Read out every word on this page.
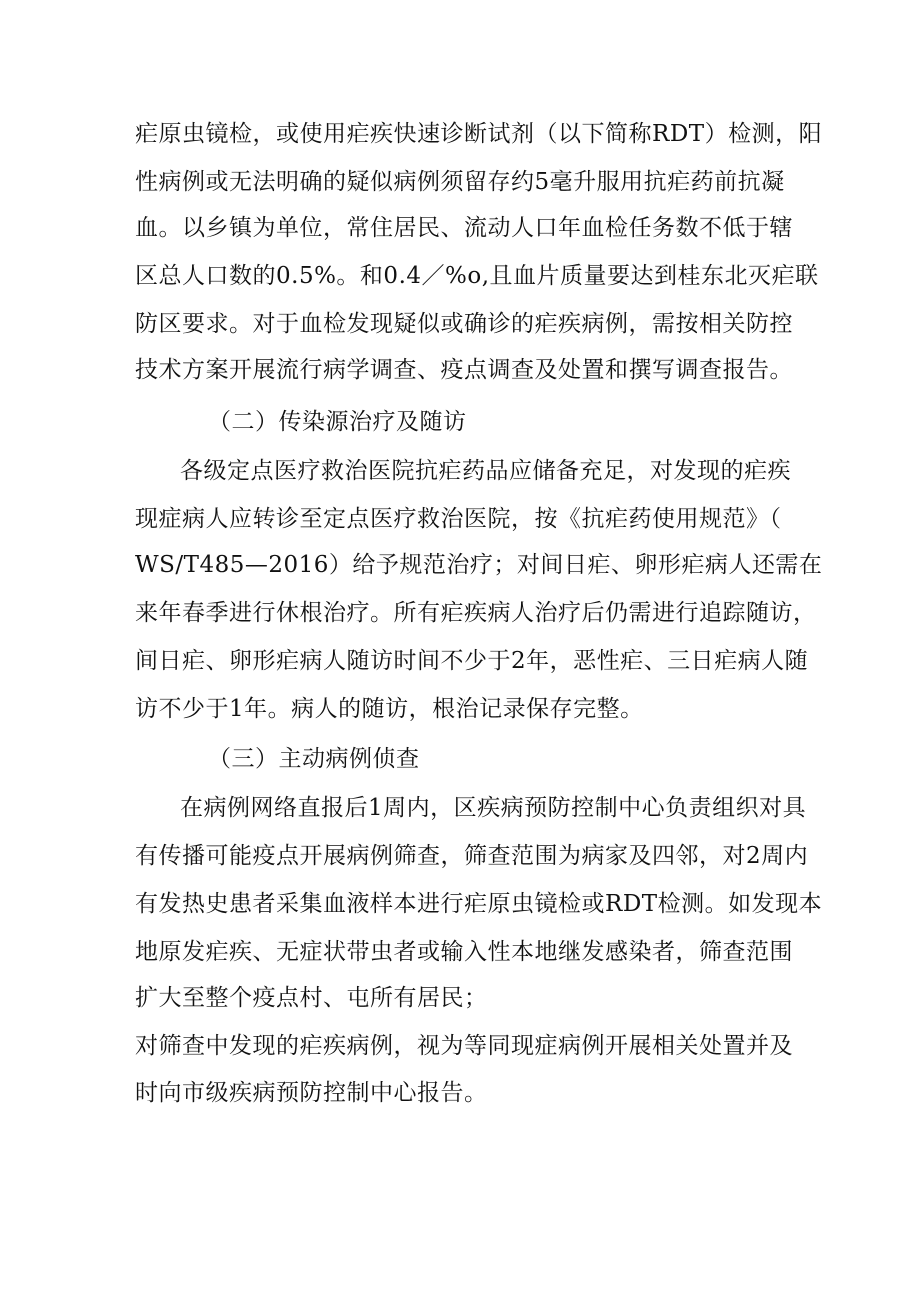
疟原虫镜检，或使用疟疾快速诊断试剂（以下简称RDT）检测，阳
性病例或无法明确的疑似病例须留存约5毫升服用抗疟药前抗凝
血。以乡镇为单位，常住居民、流动人口年血检任务数不低于辖
区总人口数的0.5%。和0.4／%o,且血片质量要达到桂东北灭疟联
防区要求。对于血检发现疑似或确诊的疟疾病例，需按相关防控
技术方案开展流行病学调查、疫点调查及处置和撰写调查报告。
（二）传染源治疗及随访
各级定点医疗救治医院抗疟药品应储备充足，对发现的疟疾
现症病人应转诊至定点医疗救治医院，按《抗疟药使用规范》（
WS/T485—2016）给予规范治疗；对间日疟、卵形疟病人还需在
来年春季进行休根治疗。所有疟疾病人治疗后仍需进行追踪随访，
间日疟、卵形疟病人随访时间不少于2年，恶性疟、三日疟病人随
访不少于1年。病人的随访，根治记录保存完整。
（三）主动病例侦查
在病例网络直报后1周内，区疾病预防控制中心负责组织对具
有传播可能疫点开展病例筛查，筛查范围为病家及四邻，对2周内
有发热史患者采集血液样本进行疟原虫镜检或RDT检测。如发现本
地原发疟疾、无症状带虫者或输入性本地继发感染者，筛查范围
扩大至整个疫点村、屯所有居民；
对筛查中发现的疟疾病例，视为等同现症病例开展相关处置并及
时向市级疾病预防控制中心报告。
